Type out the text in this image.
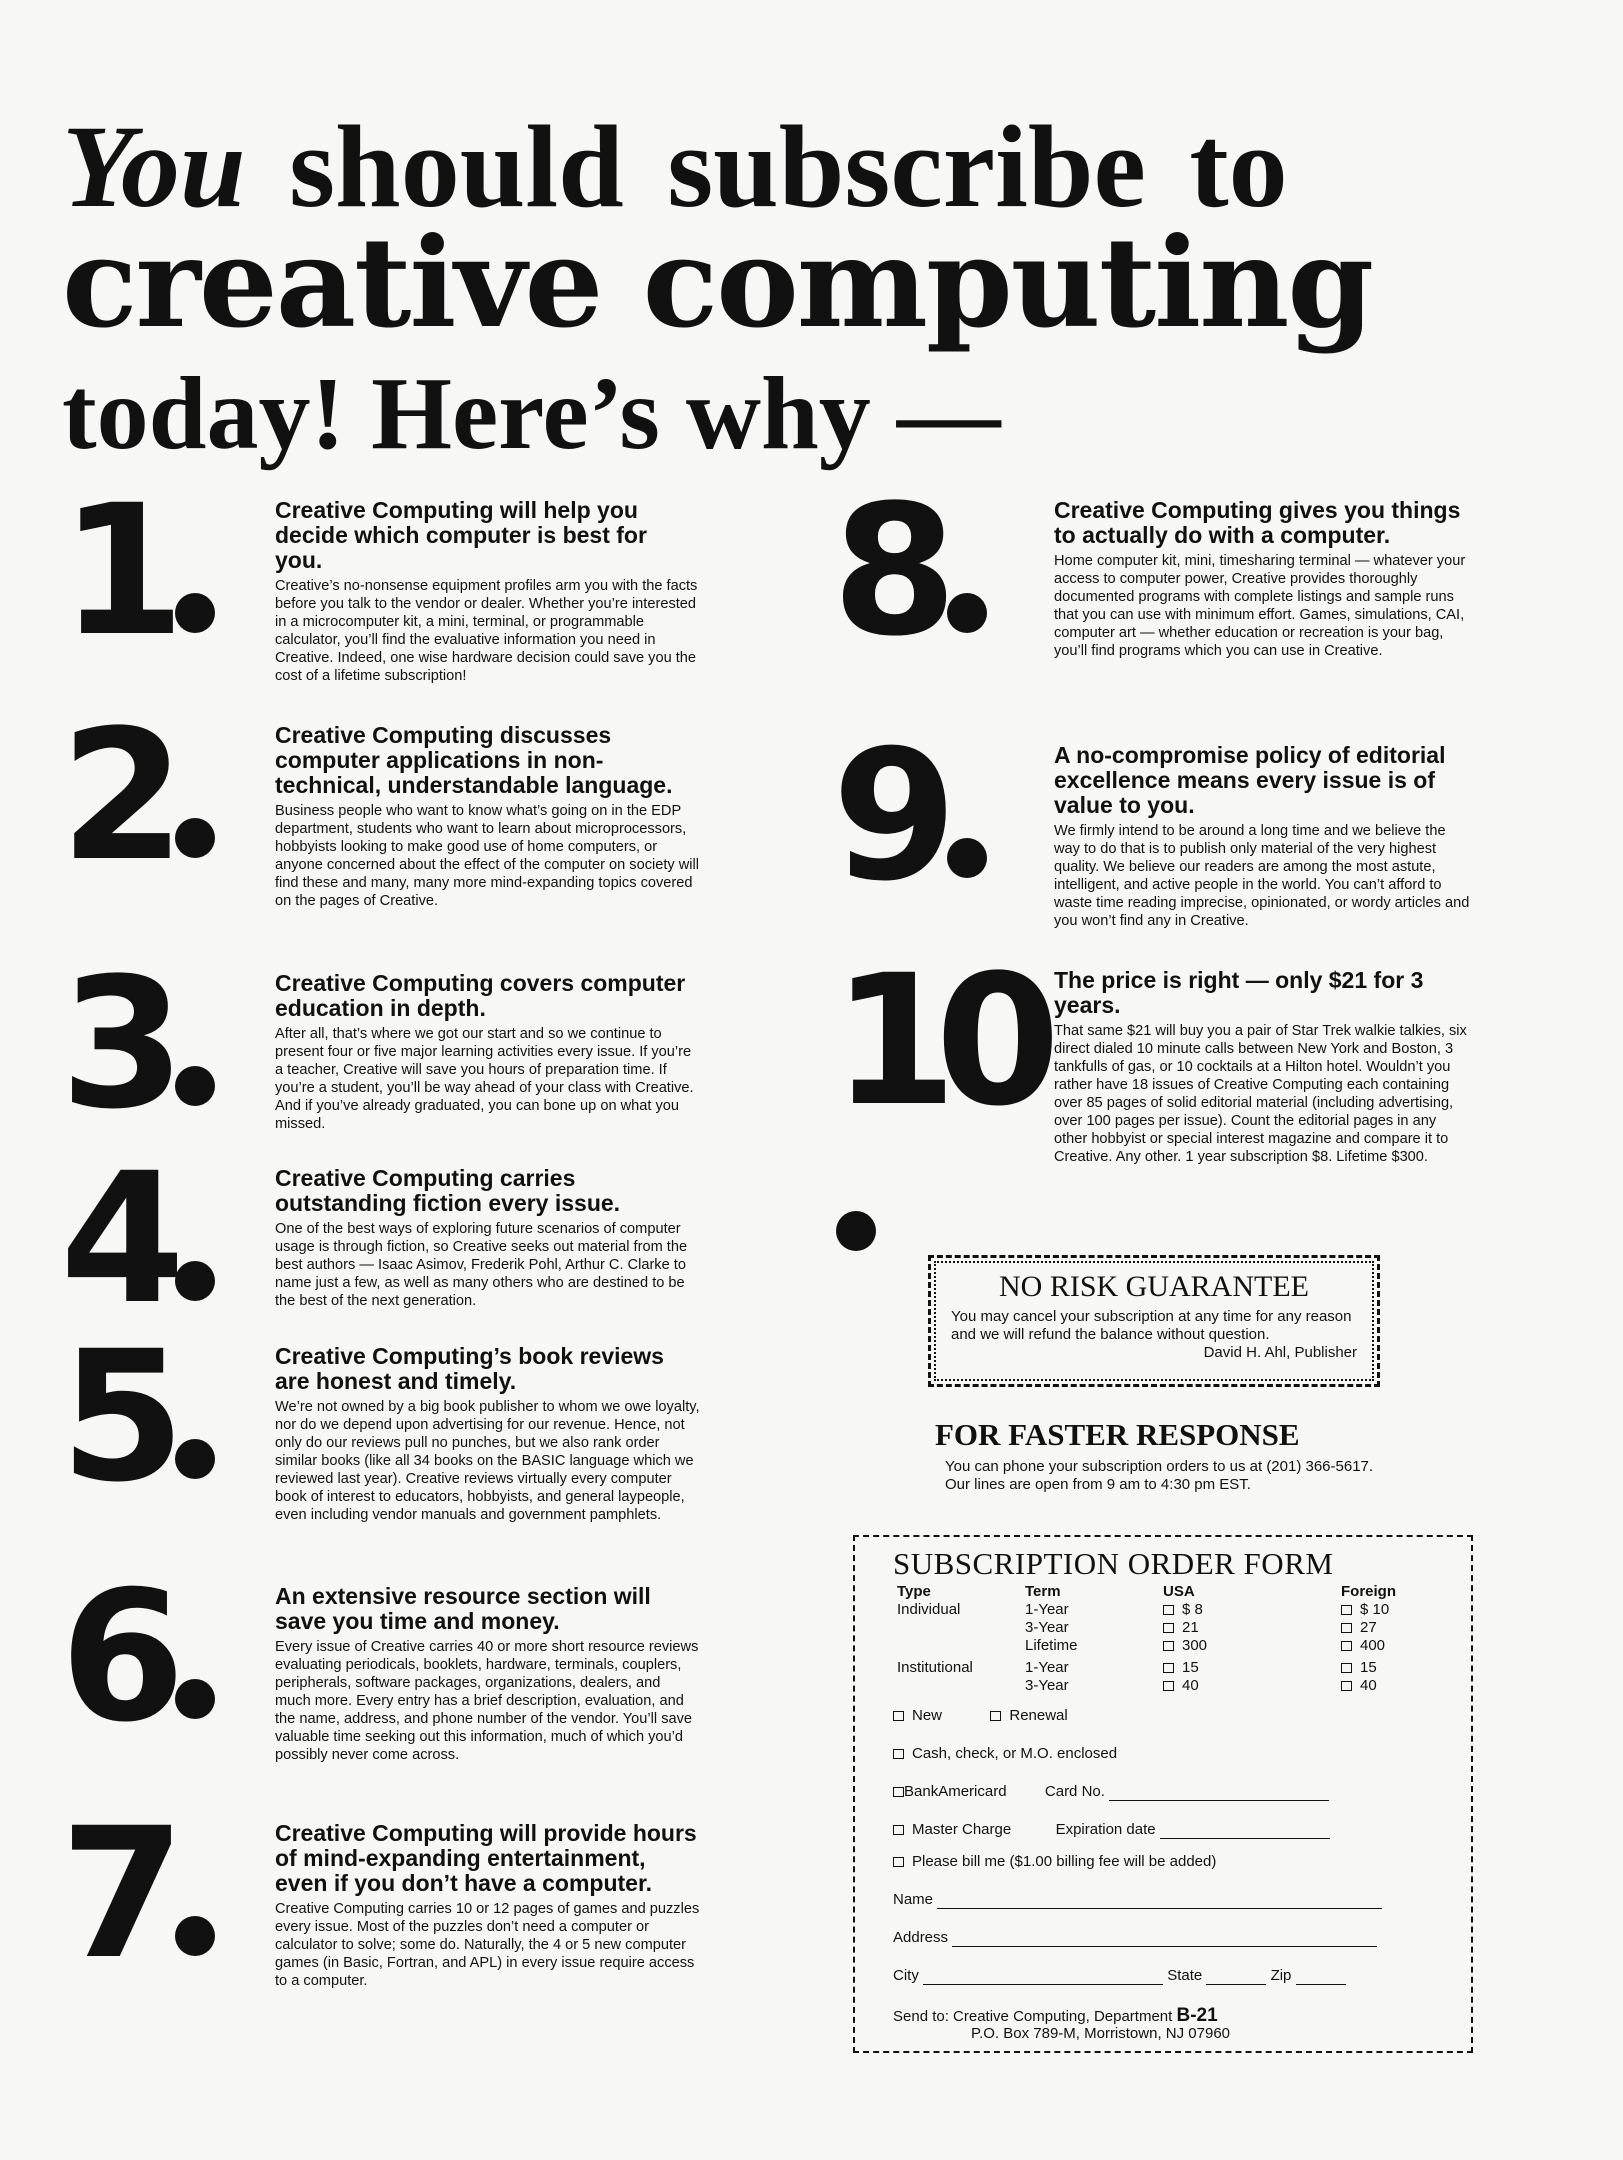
You should subscribe to
creative computing
today! Here’s why —
1	Creative Computing will help you decide which computer is best for you.

Creative’s no-nonsense equipment profiles arm you with the facts before you talk to the vendor or dealer. Whether you’re interested in a microcomputer kit, a mini, terminal, or programmable calculator, you’ll find the evaluative information you need in Creative. Indeed, one wise hardware decision could save you the cost of a lifetime subscription!

2	Creative Computing discusses computer applications in non-technical, understandable language.

Business people who want to know what’s going on in the EDP department, students who want to learn about microprocessors, hobbyists looking to make good use of home computers, or anyone concerned about the effect of the computer on society will find these and many, many more mind-expanding topics covered on the pages of Creative.

3	Creative Computing covers computer education in depth.

After all, that’s where we got our start and so we continue to present four or five major learning activities every issue. If you’re a teacher, Creative will save you hours of preparation time. If you’re a student, you’ll be way ahead of your class with Creative. And if you’ve already graduated, you can bone up on what you missed.

4	Creative Computing carries outstanding fiction every issue.

One of the best ways of exploring future scenarios of computer usage is through fiction, so Creative seeks out material from the best authors — Isaac Asimov, Frederik Pohl, Arthur C. Clarke to name just a few, as well as many others who are destined to be the best of the next generation.

5	Creative Computing’s book reviews are honest and timely.

We’re not owned by a big book publisher to whom we owe loyalty, nor do we depend upon advertising for our revenue. Hence, not only do our reviews pull no punches, but we also rank order similar books (like all 34 books on the BASIC language which we reviewed last year). Creative reviews virtually every computer book of interest to educators, hobbyists, and general laypeople, even including vendor manuals and government pamphlets.

6	An extensive resource section will save you time and money.

Every issue of Creative carries 40 or more short resource reviews evaluating periodicals, booklets, hardware, terminals, couplers, peripherals, software packages, organizations, dealers, and much more. Every entry has a brief description, evaluation, and the name, address, and phone number of the vendor. You’ll save valuable time seeking out this information, much of which you’d possibly never come across.

7	Creative Computing will provide hours of mind-expanding entertainment, even if you don’t have a computer.

Creative Computing carries 10 or 12 pages of games and puzzles every issue. Most of the puzzles don’t need a computer or calculator to solve; some do. Naturally, the 4 or 5 new computer games (in Basic, Fortran, and APL) in every issue require access to a computer.

8	Creative Computing gives you things to actually do with a computer.

Home computer kit, mini, timesharing terminal — whatever your access to computer power, Creative provides thoroughly documented programs with complete listings and sample runs that you can use with minimum effort. Games, simulations, CAI, computer art — whether education or recreation is your bag, you’ll find programs which you can use in Creative.

9	A no-compromise policy of editorial excellence means every issue is of value to you.

We firmly intend to be around a long time and we believe the way to do that is to publish only material of the very highest quality. We believe our readers are among the most astute, intelligent, and active people in the world. You can’t afford to waste time reading imprecise, opinionated, or wordy articles and you won’t find any in Creative.

10 The price is right — only $21 for 3 years.

That same $21 will buy you a pair of Star Trek walkie talkies, six direct dialed 10 minute calls between New York and Boston, 3 tankfulls of gas, or 10 cocktails at a Hilton hotel. Wouldn’t you rather have 18 issues of Creative Computing each containing over 85 pages of solid editorial material (including advertising, over 100 pages per issue). Count the editorial pages in any other hobbyist or special interest magazine and compare it to Creative. Any other. 1 year subscription $8. Lifetime $300.

NO RISK GUARANTEE
You may cancel your subscription at any time for any reason and we will refund the balance without question.
David H. Ahl, Publisher
FOR FASTER RESPONSE
You can phone your subscription orders to us at (201) 366-5617. Our lines are open from 9 am to 4:30 pm EST.
SUBSCRIPTION ORDER FORM
Type	Term	USA	Foreign
Individual	1-Year	$ 8	$ 10
	3-Year	21	27
	Lifetime	300	400
Institutional	1-Year	15	15
	3-Year	40	40
New	Renewal
Cash, check, or M.O. enclosed
BankAmericard	Card No.
Master Charge	Expiration date
Please bill me ($1.00 billing fee will be added)
Name
Address
City	State	Zip
Send to: Creative Computing, Department B-21
P.O. Box 789-M, Morristown, NJ 07960
